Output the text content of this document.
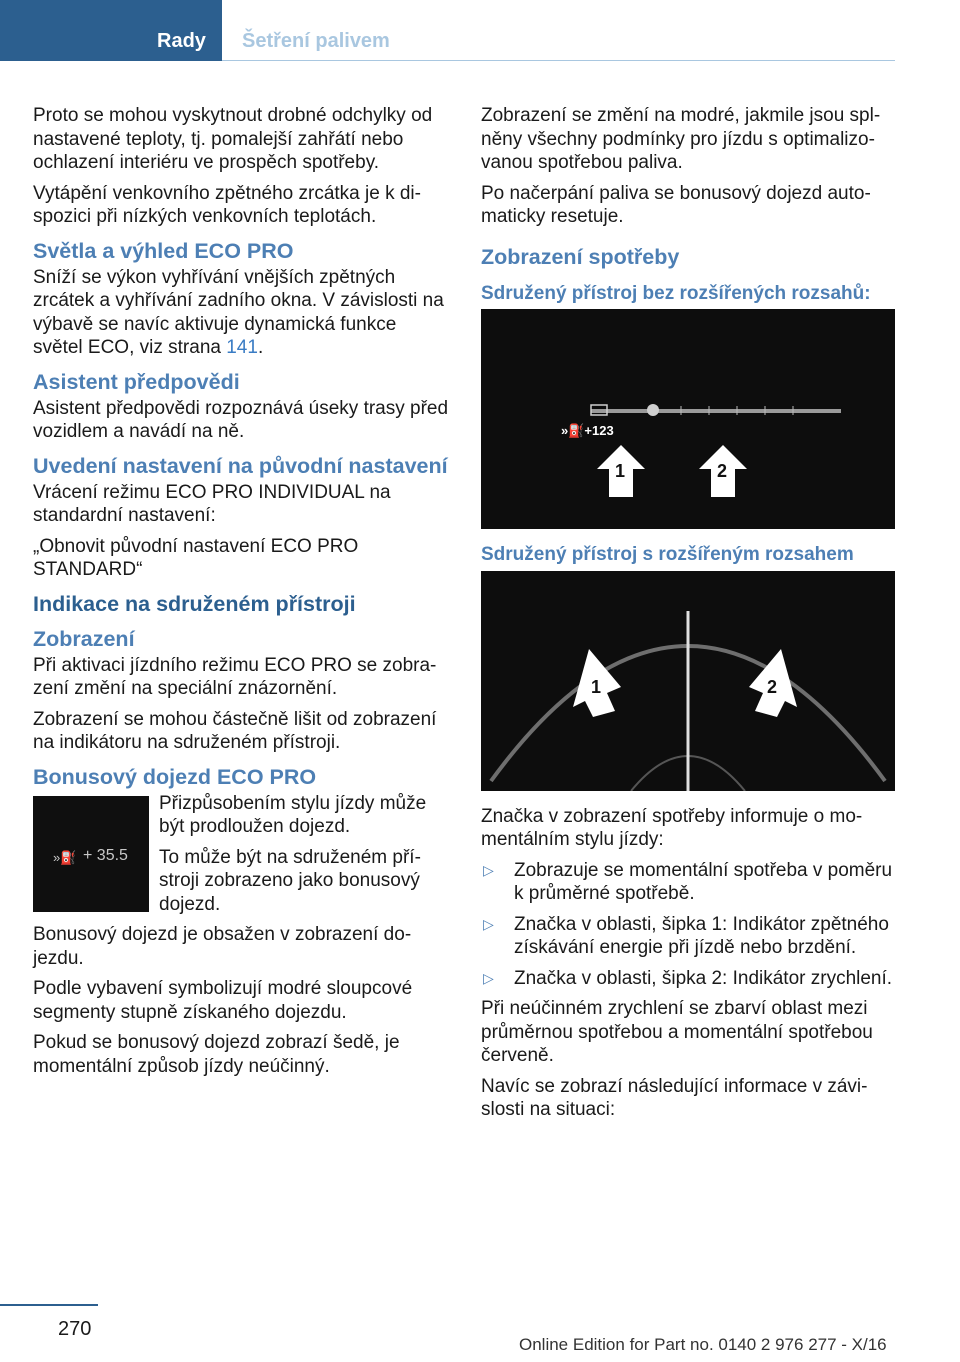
Rady Šetření palivem

Proto se mohou vyskytnout drobné odchylky od nastavené teploty, tj. pomalejší zahřátí nebo ochlazení interiéru ve prospěch spotřeby.

Vytápění venkovního zpětného zrcátka je k dispozici při nízkých venkovních teplotách.

Světla a výhled ECO PRO

Sníží se výkon vyhřívání vnějších zpětných zrcátek a vyhřívání zadního okna. V závislosti na výbavě se navíc aktivuje dynamická funkce světel ECO, viz strana 141.

Asistent předpovědi

Asistent předpovědi rozpoznává úseky trasy před vozidlem a navádí na ně.

Uvedení nastavení na původní nastavení

Vrácení režimu ECO PRO INDIVIDUAL na standardní nastavení:

„Obnovit původní nastavení ECO PRO STANDARD“

Indikace na sdruženém přístroji
Zobrazení

Při aktivaci jízdního režimu ECO PRO se zobrazení změní na speciální znázornění.

Zobrazení se mohou částečně lišit od zobrazení na indikátoru na sdruženém přístroji.

Bonusový dojezd ECO PRO
»⛽ + 35.5

Přizpůsobením stylu jízdy může být prodloužen dojezd.

To může být na sdruženém přístroji zobrazeno jako bonusový dojezd.

Bonusový dojezd je obsažen v zobrazení dojezdu.

Podle vybavení symbolizují modré sloupcové segmenty stupně získaného dojezdu.

Pokud se bonusový dojezd zobrazí šedě, je momentální způsob jízdy neúčinný.

Zobrazení se změní na modré, jakmile jsou splněny všechny podmínky pro jízdu s optimalizovanou spotřebou paliva.

Po načerpání paliva se bonusový dojezd automaticky resetuje.

Zobrazení spotřeby
Sdružený přístroj bez rozšířených rozsahů:
1	2
»⛽+123
Sdružený přístroj s rozšířeným rozsahem
1	2

Značka v zobrazení spotřeby informuje o momentálním stylu jízdy:

▷ Zobrazuje se momentální spotřeba v poměru k průměrné spotřebě.
▷ Značka v oblasti, šipka 1: Indikátor zpětného získávání energie při jízdě nebo brzdění.
▷ Značka v oblasti, šipka 2: Indikátor zrychlení.

Při neúčinném zrychlení se zbarví oblast mezi průměrnou spotřebou a momentální spotřebou červeně.

Navíc se zobrazí následující informace v závislosti na situaci:

270
Online Edition for Part no. 0140 2 976 277 - X/16
